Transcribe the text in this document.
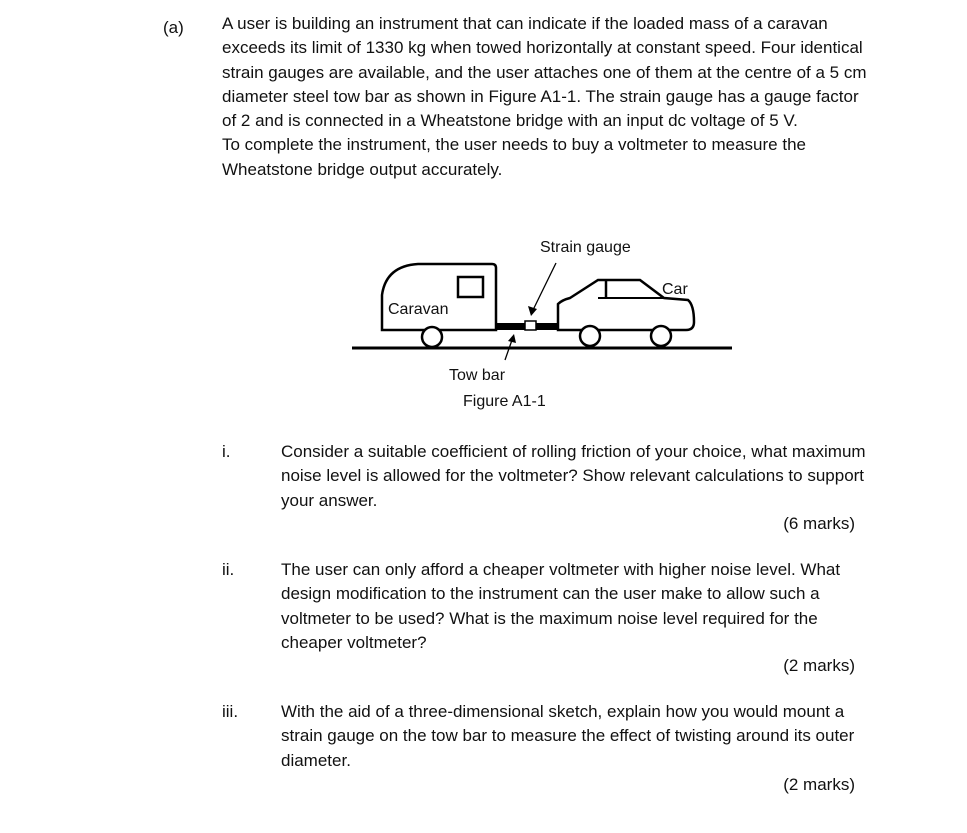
(a) A user is building an instrument that can indicate if the loaded mass of a caravan exceeds its limit of 1330 kg when towed horizontally at constant speed. Four identical strain gauges are available, and the user attaches one of them at the centre of a 5 cm diameter steel tow bar as shown in Figure A1-1. The strain gauge has a gauge factor of 2 and is connected in a Wheatstone bridge with an input dc voltage of 5 V.

To complete the instrument, the user needs to buy a voltmeter to measure the Wheatstone bridge output accurately.

Strain gauge
Car
Caravan
Tow bar
Figure A1-1
i.	Consider a suitable coefficient of rolling friction of your choice, what maximum noise level is allowed for the voltmeter? Show relevant calculations to support your answer.
(6 marks)
ii.	The user can only afford a cheaper voltmeter with higher noise level. What design modification to the instrument can the user make to allow such a voltmeter to be used? What is the maximum noise level required for the cheaper voltmeter?
(2 marks)
iii.	With the aid of a three-dimensional sketch, explain how you would mount a strain gauge on the tow bar to measure the effect of twisting around its outer diameter.
(2 marks)
